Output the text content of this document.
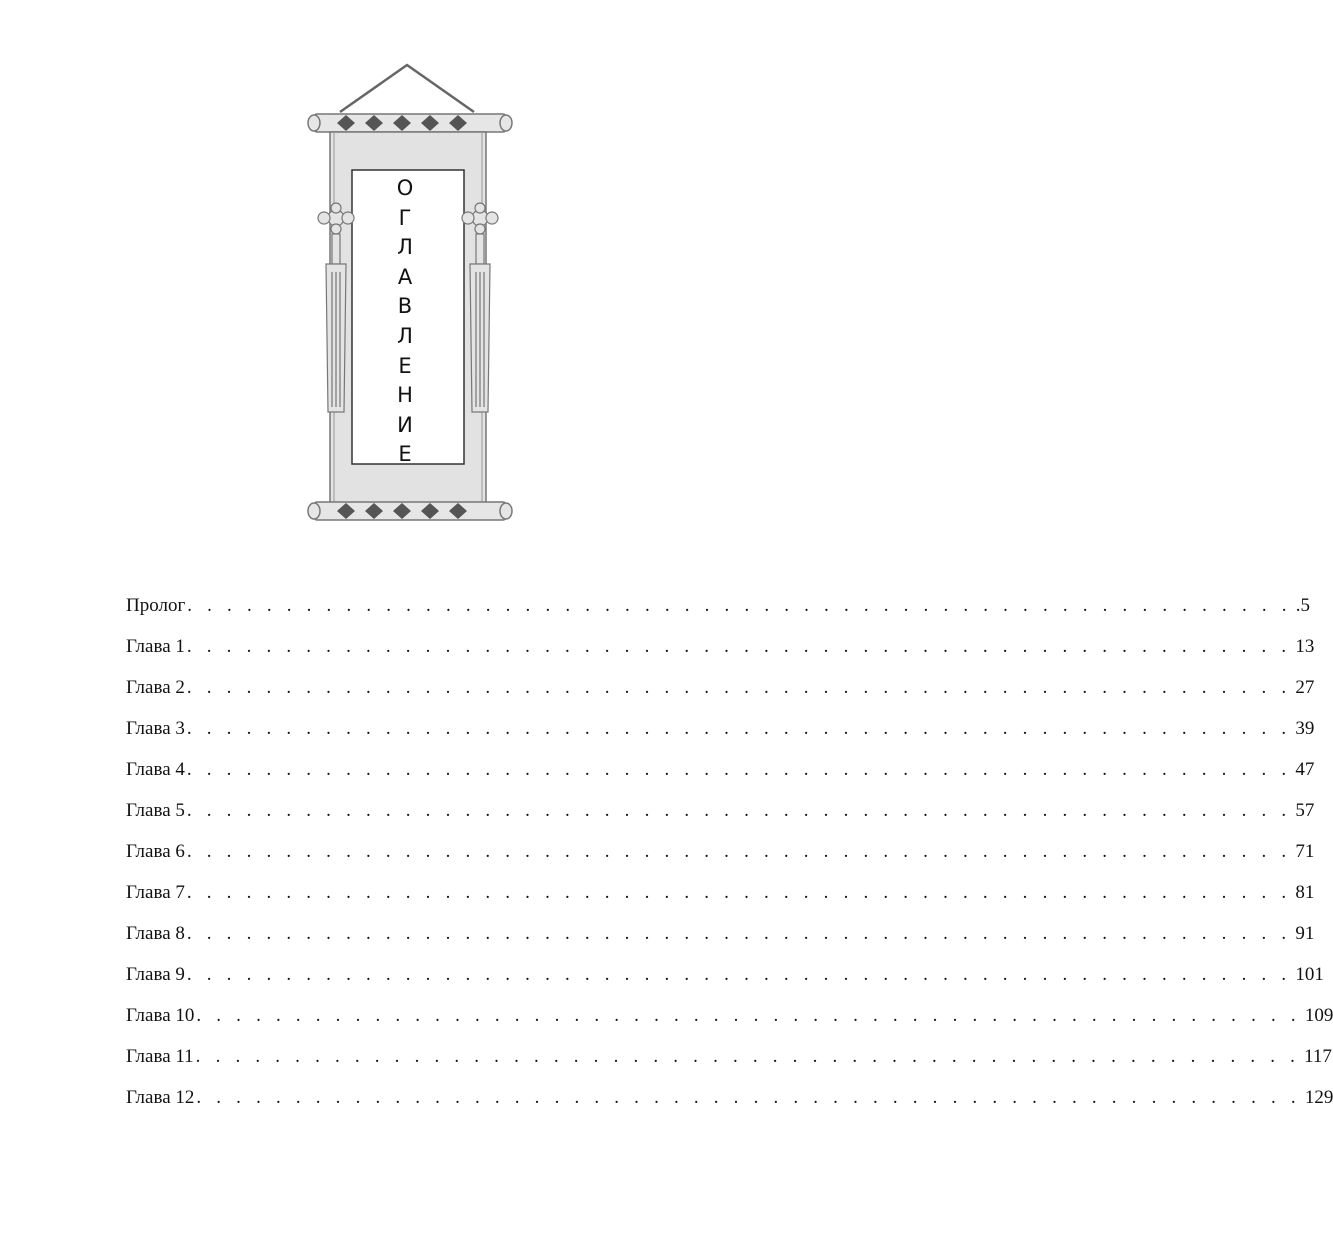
О
Г
Л
А
В
Л
Е
Н
И
Е
Пролог . . . . . . . . . . . . . . . . . . . . . . . . . . . . . . . . . . . . . . . . . . . . . . . . . . . . . . . . .5
Глава 1 . . . . . . . . . . . . . . . . . . . . . . . . . . . . . . . . . . . . . . . . . . . . . . . . . . . . . . . . 13
Глава 2 . . . . . . . . . . . . . . . . . . . . . . . . . . . . . . . . . . . . . . . . . . . . . . . . . . . . . . . . 27
Глава 3 . . . . . . . . . . . . . . . . . . . . . . . . . . . . . . . . . . . . . . . . . . . . . . . . . . . . . . . . 39
Глава 4 . . . . . . . . . . . . . . . . . . . . . . . . . . . . . . . . . . . . . . . . . . . . . . . . . . . . . . . . 47
Глава 5 . . . . . . . . . . . . . . . . . . . . . . . . . . . . . . . . . . . . . . . . . . . . . . . . . . . . . . . . 57
Глава 6 . . . . . . . . . . . . . . . . . . . . . . . . . . . . . . . . . . . . . . . . . . . . . . . . . . . . . . . . 71
Глава 7 . . . . . . . . . . . . . . . . . . . . . . . . . . . . . . . . . . . . . . . . . . . . . . . . . . . . . . . . 81
Глава 8 . . . . . . . . . . . . . . . . . . . . . . . . . . . . . . . . . . . . . . . . . . . . . . . . . . . . . . . . 91
Глава 9 . . . . . . . . . . . . . . . . . . . . . . . . . . . . . . . . . . . . . . . . . . . . . . . . . . . . . . . . 101
Глава 10 . . . . . . . . . . . . . . . . . . . . . . . . . . . . . . . . . . . . . . . . . . . . . . . . . . . . . . . . 109
Глава 11 . . . . . . . . . . . . . . . . . . . . . . . . . . . . . . . . . . . . . . . . . . . . . . . . . . . . . . . . 117
Глава 12 . . . . . . . . . . . . . . . . . . . . . . . . . . . . . . . . . . . . . . . . . . . . . . . . . . . . . . . . 129
